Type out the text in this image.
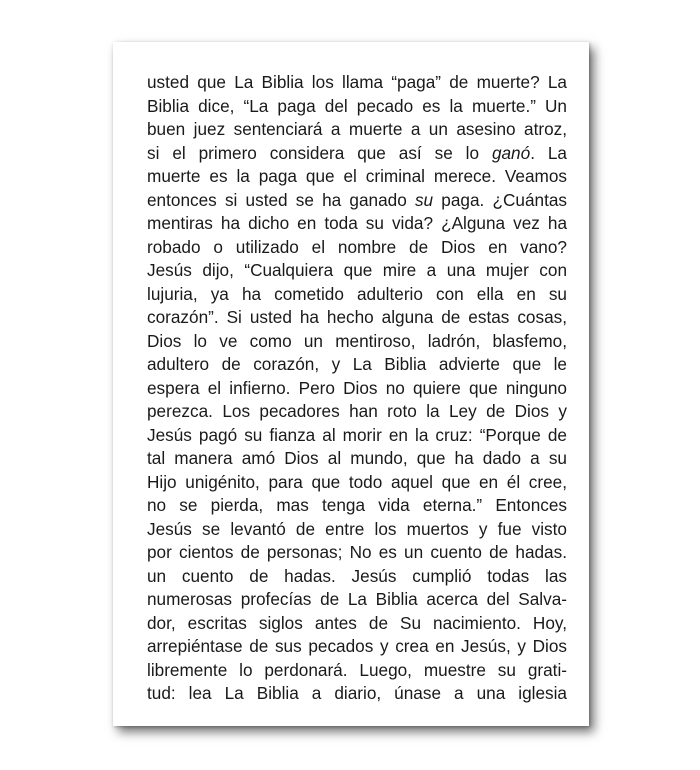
usted que La Biblia los llama “paga” de muerte? La
Biblia dice, “La paga del pecado es la muerte.” Un
buen juez sentenciará a muerte a un asesino atroz,
si el primero considera que así se lo ganó. La
muerte es la paga que el criminal merece. Veamos
entonces si usted se ha ganado su paga. ¿Cuántas
mentiras ha dicho en toda su vida? ¿Alguna vez ha
robado o utilizado el nombre de Dios en vano?
Jesús dijo, “Cualquiera que mire a una mujer con
lujuria, ya ha cometido adulterio con ella en su
corazón”. Si usted ha hecho alguna de estas cosas,
Dios lo ve como un mentiroso, ladrón, blasfemo,
adultero de corazón, y La Biblia advierte que le
espera el infierno. Pero Dios no quiere que ninguno
perezca. Los pecadores han roto la Ley de Dios y
Jesús pagó su fianza al morir en la cruz: “Porque de
tal manera amó Dios al mundo, que ha dado a su
Hijo unigénito, para que todo aquel que en él cree,
no se pierda, mas tenga vida eterna.” Entonces
Jesús se levantó de entre los muertos y fue visto
por cientos de personas; No es un cuento de hadas.
un cuento de hadas. Jesús cumplió todas las
numerosas profecías de La Biblia acerca del Salva-
dor, escritas siglos antes de Su nacimiento. Hoy,
arrepiéntase de sus pecados y crea en Jesús, y Dios
libremente lo perdonará. Luego, muestre su grati-
tud: lea La Biblia a diario, únase a una iglesia
